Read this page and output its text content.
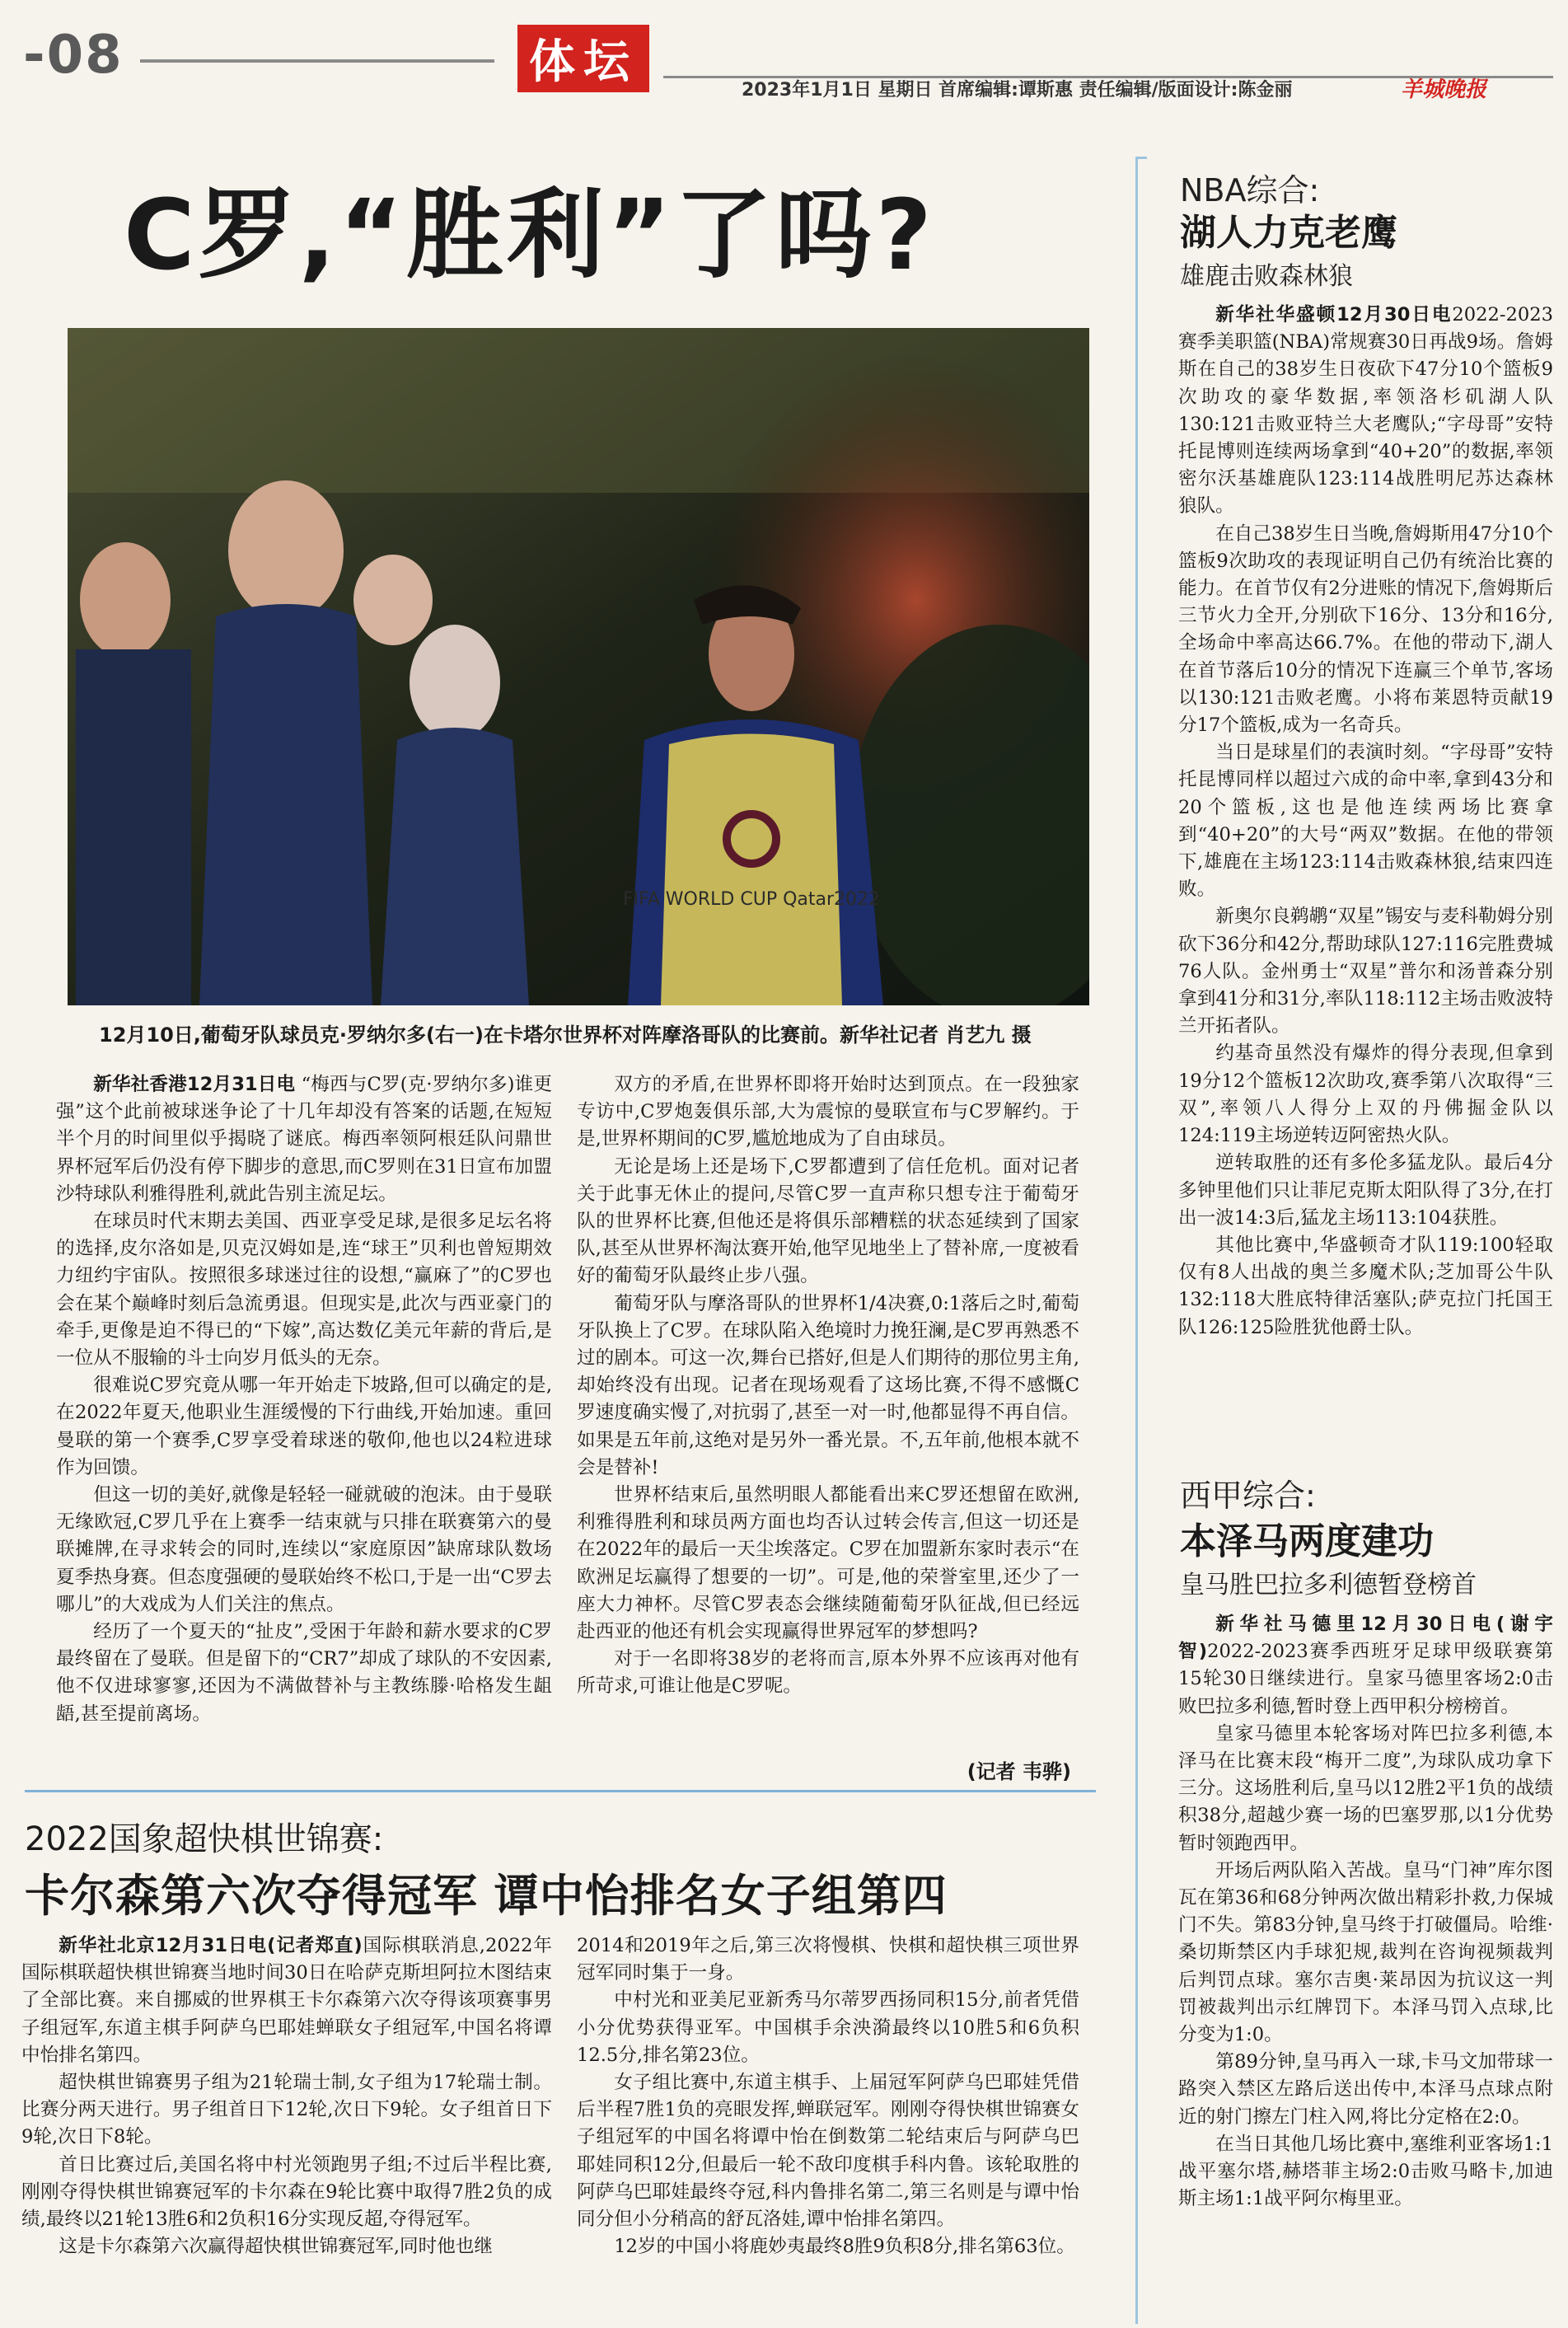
-08	体坛
2023年1月1日 星期日 首席编辑:谭斯惠 责任编辑/版面设计:陈金丽	羊城晚报
C罗,“胜利”了吗?
FIFA WORLD CUP Qatar2022
12月10日,葡萄牙队球员克·罗纳尔多(右一)在卡塔尔世界杯对阵摩洛哥队的比赛前。新华社记者 肖艺九 摄

新华社香港12月31日电 “梅西与C罗(克·罗纳尔多)谁更强”这个此前被球迷争论了十几年却没有答案的话题,在短短半个月的时间里似乎揭晓了谜底。梅西率领阿根廷队问鼎世界杯冠军后仍没有停下脚步的意思,而C罗则在31日宣布加盟沙特球队利雅得胜利,就此告别主流足坛。

在球员时代末期去美国、西亚享受足球,是很多足坛名将的选择,皮尔洛如是,贝克汉姆如是,连“球王”贝利也曾短期效力纽约宇宙队。按照很多球迷过往的设想,“赢麻了”的C罗也会在某个巅峰时刻后急流勇退。但现实是,此次与西亚豪门的牵手,更像是迫不得已的“下嫁”,高达数亿美元年薪的背后,是一位从不服输的斗士向岁月低头的无奈。

很难说C罗究竟从哪一年开始走下坡路,但可以确定的是,在2022年夏天,他职业生涯缓慢的下行曲线,开始加速。重回曼联的第一个赛季,C罗享受着球迷的敬仰,他也以24粒进球作为回馈。

但这一切的美好,就像是轻轻一碰就破的泡沫。由于曼联无缘欧冠,C罗几乎在上赛季一结束就与只排在联赛第六的曼联摊牌,在寻求转会的同时,连续以“家庭原因”缺席球队数场夏季热身赛。但态度强硬的曼联始终不松口,于是一出“C罗去哪儿”的大戏成为人们关注的焦点。

经历了一个夏天的“扯皮”,受困于年龄和薪水要求的C罗最终留在了曼联。但是留下的“CR7”却成了球队的不安因素,他不仅进球寥寥,还因为不满做替补与主教练滕·哈格发生龃龉,甚至提前离场。

双方的矛盾,在世界杯即将开始时达到顶点。在一段独家专访中,C罗炮轰俱乐部,大为震惊的曼联宣布与C罗解约。于是,世界杯期间的C罗,尴尬地成为了自由球员。

无论是场上还是场下,C罗都遭到了信任危机。面对记者关于此事无休止的提问,尽管C罗一直声称只想专注于葡萄牙队的世界杯比赛,但他还是将俱乐部糟糕的状态延续到了国家队,甚至从世界杯淘汰赛开始,他罕见地坐上了替补席,一度被看好的葡萄牙队最终止步八强。

葡萄牙队与摩洛哥队的世界杯1/4决赛,0:1落后之时,葡萄牙队换上了C罗。在球队陷入绝境时力挽狂澜,是C罗再熟悉不过的剧本。可这一次,舞台已搭好,但是人们期待的那位男主角,却始终没有出现。记者在现场观看了这场比赛,不得不感慨C罗速度确实慢了,对抗弱了,甚至一对一时,他都显得不再自信。如果是五年前,这绝对是另外一番光景。不,五年前,他根本就不会是替补!

世界杯结束后,虽然明眼人都能看出来C罗还想留在欧洲,利雅得胜利和球员两方面也均否认过转会传言,但这一切还是在2022年的最后一天尘埃落定。C罗在加盟新东家时表示“在欧洲足坛赢得了想要的一切”。可是,他的荣誉室里,还少了一座大力神杯。尽管C罗表态会继续随葡萄牙队征战,但已经远赴西亚的他还有机会实现赢得世界冠军的梦想吗?

对于一名即将38岁的老将而言,原本外界不应该再对他有所苛求,可谁让他是C罗呢。

(记者 韦骅)
2022国象超快棋世锦赛:
卡尔森第六次夺得冠军 谭中怡排名女子组第四

新华社北京12月31日电(记者郑直)国际棋联消息,2022年国际棋联超快棋世锦赛当地时间30日在哈萨克斯坦阿拉木图结束了全部比赛。来自挪威的世界棋王卡尔森第六次夺得该项赛事男子组冠军,东道主棋手阿萨乌巴耶娃蝉联女子组冠军,中国名将谭中怡排名第四。

超快棋世锦赛男子组为21轮瑞士制,女子组为17轮瑞士制。比赛分两天进行。男子组首日下12轮,次日下9轮。女子组首日下9轮,次日下8轮。

首日比赛过后,美国名将中村光领跑男子组;不过后半程比赛,刚刚夺得快棋世锦赛冠军的卡尔森在9轮比赛中取得7胜2负的成绩,最终以21轮13胜6和2负积16分实现反超,夺得冠军。

这是卡尔森第六次赢得超快棋世锦赛冠军,同时他也继

2014和2019年之后,第三次将慢棋、快棋和超快棋三项世界冠军同时集于一身。

中村光和亚美尼亚新秀马尔蒂罗西扬同积15分,前者凭借小分优势获得亚军。中国棋手余泱漪最终以10胜5和6负积12.5分,排名第23位。

女子组比赛中,东道主棋手、上届冠军阿萨乌巴耶娃凭借后半程7胜1负的亮眼发挥,蝉联冠军。刚刚夺得快棋世锦赛女子组冠军的中国名将谭中怡在倒数第二轮结束后与阿萨乌巴耶娃同积12分,但最后一轮不敌印度棋手科内鲁。该轮取胜的阿萨乌巴耶娃最终夺冠,科内鲁排名第二,第三名则是与谭中怡同分但小分稍高的舒瓦洛娃,谭中怡排名第四。

12岁的中国小将鹿妙夷最终8胜9负积8分,排名第63位。

NBA综合:
湖人力克老鹰
雄鹿击败森林狼

新华社华盛顿12月30日电2022-2023赛季美职篮(NBA)常规赛30日再战9场。詹姆斯在自己的38岁生日夜砍下47分10个篮板9次助攻的豪华数据,率领洛杉矶湖人队130:121击败亚特兰大老鹰队;“字母哥”安特托昆博则连续两场拿到“40+20”的数据,率领密尔沃基雄鹿队123:114战胜明尼苏达森林狼队。

在自己38岁生日当晚,詹姆斯用47分10个篮板9次助攻的表现证明自己仍有统治比赛的能力。在首节仅有2分进账的情况下,詹姆斯后三节火力全开,分别砍下16分、13分和16分,全场命中率高达66.7%。在他的带动下,湖人在首节落后10分的情况下连赢三个单节,客场以130:121击败老鹰。小将布莱恩特贡献19分17个篮板,成为一名奇兵。

当日是球星们的表演时刻。“字母哥”安特托昆博同样以超过六成的命中率,拿到43分和20个篮板,这也是他连续两场比赛拿到“40+20”的大号“两双”数据。在他的带领下,雄鹿在主场123:114击败森林狼,结束四连败。

新奥尔良鹈鹕“双星”锡安与麦科勒姆分别砍下36分和42分,帮助球队127:116完胜费城76人队。金州勇士“双星”普尔和汤普森分别拿到41分和31分,率队118:112主场击败波特兰开拓者队。

约基奇虽然没有爆炸的得分表现,但拿到19分12个篮板12次助攻,赛季第八次取得“三双”,率领八人得分上双的丹佛掘金队以124:119主场逆转迈阿密热火队。

逆转取胜的还有多伦多猛龙队。最后4分多钟里他们只让菲尼克斯太阳队得了3分,在打出一波14:3后,猛龙主场113:104获胜。

其他比赛中,华盛顿奇才队119:100轻取仅有8人出战的奥兰多魔术队;芝加哥公牛队132:118大胜底特律活塞队;萨克拉门托国王队126:125险胜犹他爵士队。

西甲综合:
本泽马两度建功
皇马胜巴拉多利德暂登榜首

新华社马德里12月30日电(谢宇智)2022-2023赛季西班牙足球甲级联赛第15轮30日继续进行。皇家马德里客场2:0击败巴拉多利德,暂时登上西甲积分榜榜首。

皇家马德里本轮客场对阵巴拉多利德,本泽马在比赛末段“梅开二度”,为球队成功拿下三分。这场胜利后,皇马以12胜2平1负的战绩积38分,超越少赛一场的巴塞罗那,以1分优势暂时领跑西甲。

开场后两队陷入苦战。皇马“门神”库尔图瓦在第36和68分钟两次做出精彩扑救,力保城门不失。第83分钟,皇马终于打破僵局。哈维·桑切斯禁区内手球犯规,裁判在咨询视频裁判后判罚点球。塞尔吉奥·莱昂因为抗议这一判罚被裁判出示红牌罚下。本泽马罚入点球,比分变为1:0。

第89分钟,皇马再入一球,卡马文加带球一路突入禁区左路后送出传中,本泽马点球点附近的射门擦左门柱入网,将比分定格在2:0。

在当日其他几场比赛中,塞维利亚客场1:1战平塞尔塔,赫塔菲主场2:0击败马略卡,加迪斯主场1:1战平阿尔梅里亚。
